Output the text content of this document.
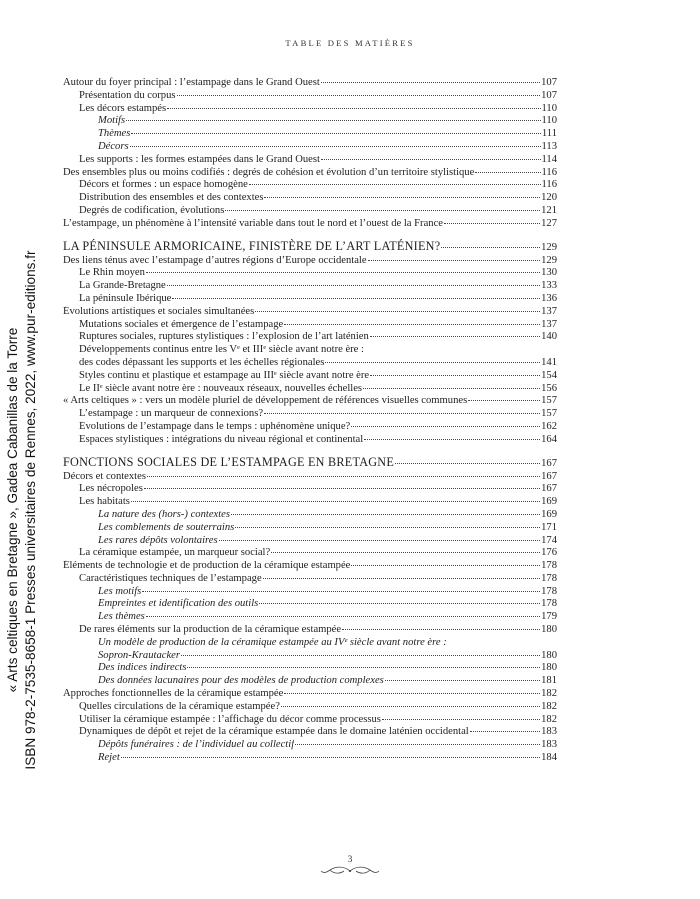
TABLE DES MATIÈRES
Autour du foyer principal : l’estampage dans le Grand Ouest	107
Présentation du corpus	107
Les décors estampés	110
Motifs	110
Thèmes	111
Décors	113
Les supports : les formes estampées dans le Grand Ouest	114
Des ensembles plus ou moins codifiés : degrés de cohésion et évolution d’un territoire stylistique	116
Décors et formes : un espace homogène	116
Distribution des ensembles et des contextes	120
Degrés de codification, évolutions	121
L’estampage, un phénomène à l’intensité variable dans tout le nord et l’ouest de la France	127
LA PÉNINSULE ARMORICAINE, FINISTÈRE DE L’ART LATÉNIEN?	129
Des liens ténus avec l’estampage d’autres régions d’Europe occidentale	129
Le Rhin moyen	130
La Grande-Bretagne	133
La péninsule Ibérique	136
Évolutions artistiques et sociales simultanées	137
Mutations sociales et émergence de l’estampage	137
Ruptures sociales, ruptures stylistiques : l’explosion de l’art laténien	140
Développements continus entre les Vᵉ et IIIᵉ siècle avant notre ère :
des codes dépassant les supports et les échelles régionales	141
Styles continu et plastique et estampage au IIIᵉ siècle avant notre ère	154
Le IIᵉ siècle avant notre ère : nouveaux réseaux, nouvelles échelles	156
« Arts celtiques » : vers un modèle pluriel de développement de références visuelles communes	157
L’estampage : un marqueur de connexions?	157
Évolutions de l’estampage dans le temps : uphénomène unique?	162
Espaces stylistiques : intégrations du niveau régional et continental	164
FONCTIONS SOCIALES DE L’ESTAMPAGE EN BRETAGNE	167
Décors et contextes	167
Les nécropoles	167
Les habitats	169
La nature des (hors-) contextes	169
Les comblements de souterrains	171
Les rares dépôts volontaires	174
La céramique estampée, un marqueur social?	176
Éléments de technologie et de production de la céramique estampée	178
Caractéristiques techniques de l’estampage	178
Les motifs	178
Empreintes et identification des outils	178
Les thèmes	179
De rares éléments sur la production de la céramique estampée	180
Un modèle de production de la céramique estampée au IVᵉ siècle avant notre ère :
Sopron-Krautacker	180
Des indices indirects	180
Des données lacunaires pour des modèles de production complexes	181
Approches fonctionnelles de la céramique estampée	182
Quelles circulations de la céramique estampée?	182
Utiliser la céramique estampée : l’affichage du décor comme processus	182
Dynamiques de dépôt et rejet de la céramique estampée dans le domaine laténien occidental	183
Dépôts funéraires : de l’individuel au collectif	183
Rejet	184
3
« Arts celtiques en Bretagne », Gadea Cabanillas de la Torre ISBN 978-2-7535-8658-1 Presses universitaires de Rennes, 2022, www.pur-editions.fr
